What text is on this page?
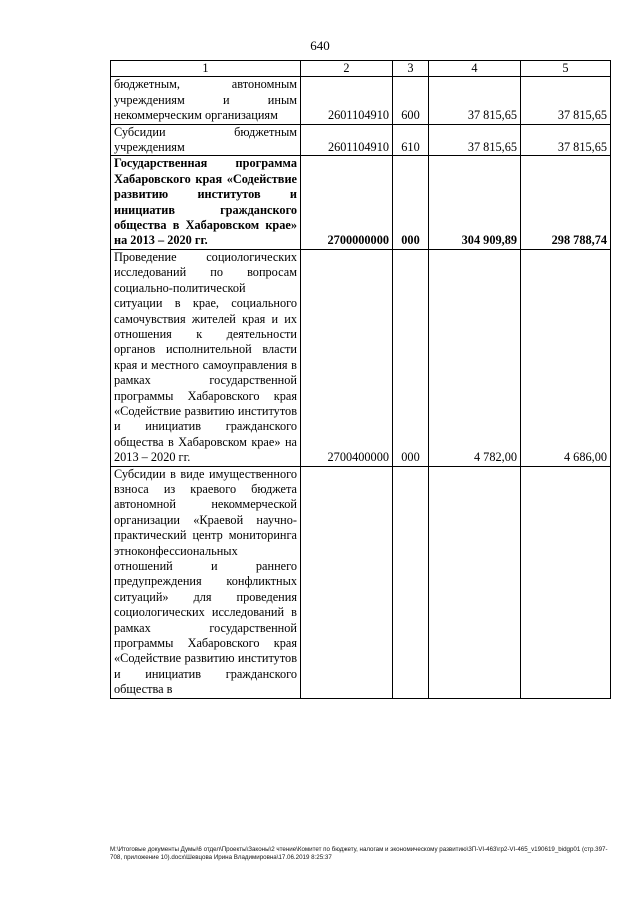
640
1	2	3	4	5
бюджетным, автономным учреждениям и иным некоммерческим организациям	2601104910	600	37 815,65	37 815,65
Субсидии бюджетным учреждениям	2601104910	610	37 815,65	37 815,65
Государственная программа Хабаровского края «Содействие развитию институтов и инициатив гражданского общества в Хабаровском крае» на 2013 – 2020 гг.	2700000000	000	304 909,89	298 788,74
Проведение социологических исследований по вопросам социально-политической ситуации в крае, социального самочувствия жителей края и их отношения к деятельности органов исполнительной власти края и местного самоуправления в рамках государственной программы Хабаровского края «Содействие развитию институтов и инициатив гражданского общества в Хабаровском крае» на 2013 – 2020 гг.	2700400000	000	4 782,00	4 686,00
Субсидии в виде имущественного взноса из краевого бюджета автономной некоммерческой организации «Краевой научно-практический центр мониторинга этноконфессиональных отношений и раннего предупреждения конфликтных ситуаций» для проведения социологических исследований в рамках государственной программы Хабаровского края «Содействие развитию институтов и инициатив гражданского общества в				
M:\Итоговые документы Думы\6 отдел\Проекты\Законы\2 чтение\Комитет по бюджету, налогам и экономическому развитию\3П-VI-463\гр2-VI-465_v190619_bidgp01 (стр.397-708, приложение 10).docx\Шевцова Ирина Владимировна\17.06.2019 8:25:37
